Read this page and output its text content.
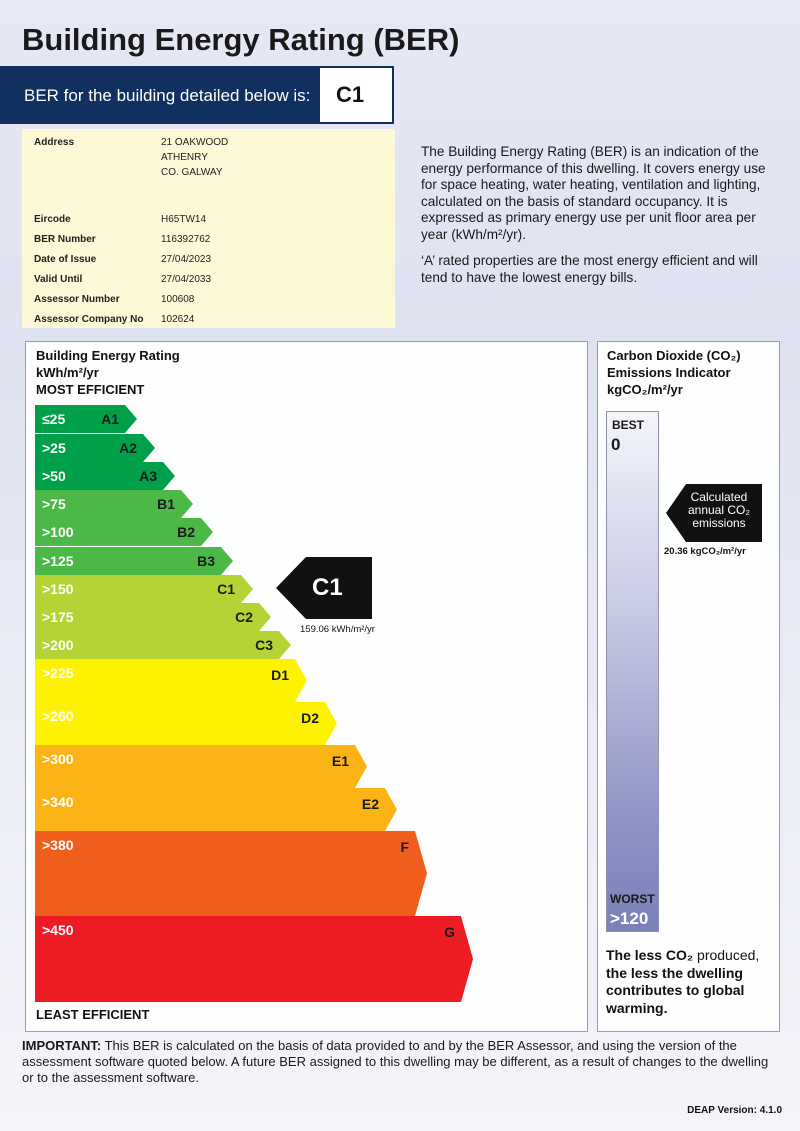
Building Energy Rating (BER)
BER for the building detailed below is:	C1
Address	21 OAKWOOD
ATHENRY
CO. GALWAY
Eircode	H65TW14
BER Number	116392762
Date of Issue	27/04/2023
Valid Until	27/04/2033
Assessor Number	100608
Assessor Company No 102624

The Building Energy Rating (BER) is an indication of the energy performance of this dwelling. It covers energy use for space heating, water heating, ventilation and lighting, calculated on the basis of standard occupancy. It is expressed as primary energy use per unit floor area per year (kWh/m²/yr).

‘A’ rated properties are the most energy efficient and will tend to have the lowest energy bills.

Building Energy Rating
kWh/m²/yr
MOST EFFICIENT
≤25	A1
>25	A2
>50	A3
>75	B1
>100	B2
>125	B3
>150	C1
>175	C2
>200	C3
>225	D1
>260	D2
>300	E1
>340	E2
>380	F
>450	G
LEAST EFFICIENT
C1
159.06 kWh/m²/yr
Carbon Dioxide (CO₂)
Emissions Indicator
kgCO₂/m²/yr
BEST
0
WORST
>120
Calculated annual CO₂ emissions
20.36 kgCO₂/m²/yr
The less CO₂ produced, the less the dwelling contributes to global warming.
IMPORTANT: This BER is calculated on the basis of data provided to and by the BER Assessor, and using the version of the assessment software quoted below. A future BER assigned to this dwelling may be different, as a result of changes to the dwelling or to the assessment software.
DEAP Version: 4.1.0
